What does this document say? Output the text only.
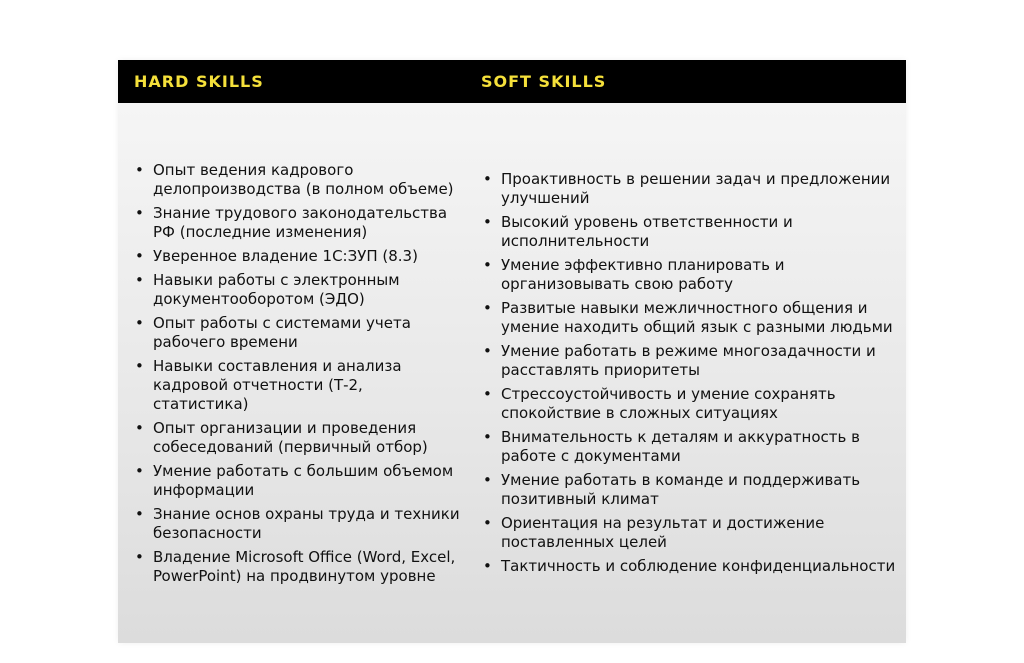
HARD SKILLS	SOFT SKILLS
• Опыт ведения кадрового делопроизводства (в полном объеме)
• Знание трудового законодательства РФ (последние изменения)
• Уверенное владение 1С:ЗУП (8.3)
• Навыки работы с электронным документооборотом (ЭДО)
• Опыт работы с системами учета рабочего времени
• Навыки составления и анализа кадровой отчетности (Т-2, статистика)
• Опыт организации и проведения собеседований (первичный отбор)
• Умение работать с большим объемом информации
• Знание основ охраны труда и техники безопасности
• Владение Microsoft Office (Word, Excel, PowerPoint) на продвинутом уровне
• Проактивность в решении задач и предложении улучшений
• Высокий уровень ответственности и исполнительности
• Умение эффективно планировать и организовывать свою работу
• Развитые навыки межличностного общения и умение находить общий язык с разными людьми
• Умение работать в режиме многозадачности и расставлять приоритеты
• Стрессоустойчивость и умение сохранять спокойствие в сложных ситуациях
• Внимательность к деталям и аккуратность в работе с документами
• Умение работать в команде и поддерживать позитивный климат
• Ориентация на результат и достижение поставленных целей
• Тактичность и соблюдение конфиденциальности
